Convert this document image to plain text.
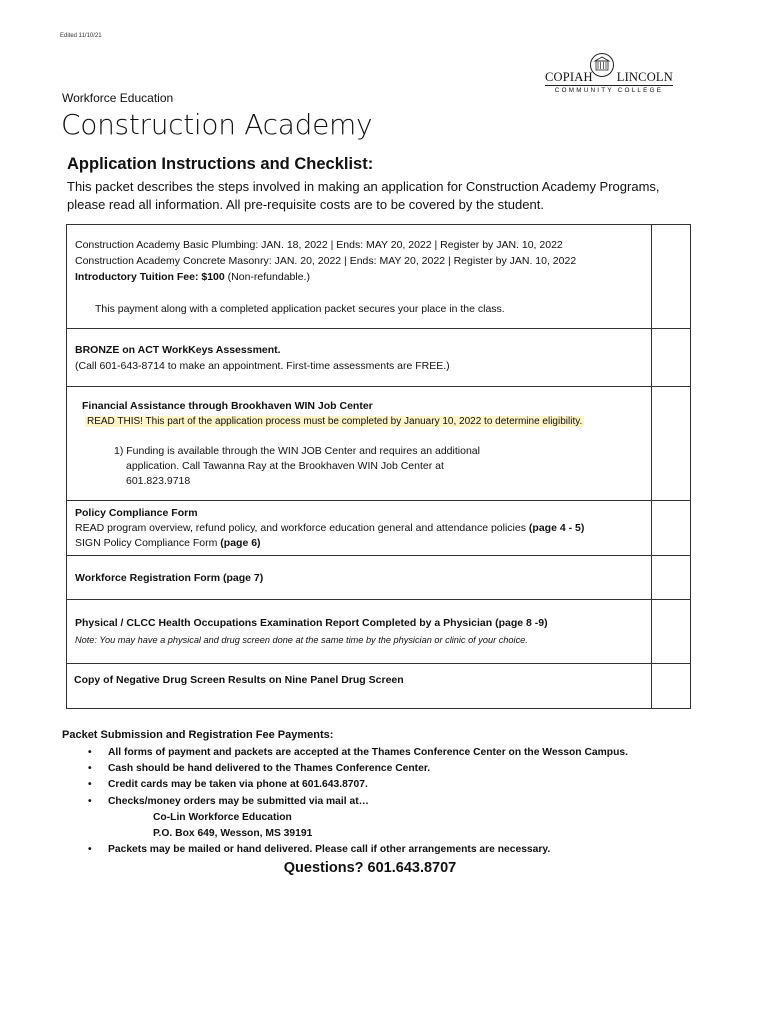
Edited 11/10/21
COPIAH LINCOLN
COMMUNITY COLLEGE
Workforce Education
Construction Academy
Application Instructions and Checklist:
This packet describes the steps involved in making an application for Construction Academy Programs, please read all information. All pre-requisite costs are to be covered by the student.
Construction Academy Basic Plumbing: JAN. 18, 2022 | Ends: MAY 20, 2022 | Register by JAN. 10, 2022
Construction Academy Concrete Masonry: JAN. 20, 2022 | Ends: MAY 20, 2022 | Register by JAN. 10, 2022
Introductory Tuition Fee: $100 (Non-refundable.)
This payment along with a completed application packet secures your place in the class.
BRONZE on ACT WorkKeys Assessment.
(Call 601-643-8714 to make an appointment. First-time assessments are FREE.)
Financial Assistance through Brookhaven WIN Job Center
READ THIS! This part of the application process must be completed by January 10, 2022 to determine eligibility.
1) Funding is available through the WIN JOB Center and requires an additional
application. Call Tawanna Ray at the Brookhaven WIN Job Center at
601.823.9718
Policy Compliance Form
READ program overview, refund policy, and workforce education general and attendance policies (page 4 - 5)
SIGN Policy Compliance Form (page 6)
Workforce Registration Form (page 7)
Physical / CLCC Health Occupations Examination Report Completed by a Physician (page 8 -9)
Note: You may have a physical and drug screen done at the same time by the physician or clinic of your choice.
Copy of Negative Drug Screen Results on Nine Panel Drug Screen
Packet Submission and Registration Fee Payments:
• All forms of payment and packets are accepted at the Thames Conference Center on the Wesson Campus.
• Cash should be hand delivered to the Thames Conference Center.
• Credit cards may be taken via phone at 601.643.8707.
• Checks/money orders may be submitted via mail at…
Co-Lin Workforce Education
P.O. Box 649, Wesson, MS 39191
• Packets may be mailed or hand delivered. Please call if other arrangements are necessary.
Questions? 601.643.8707
